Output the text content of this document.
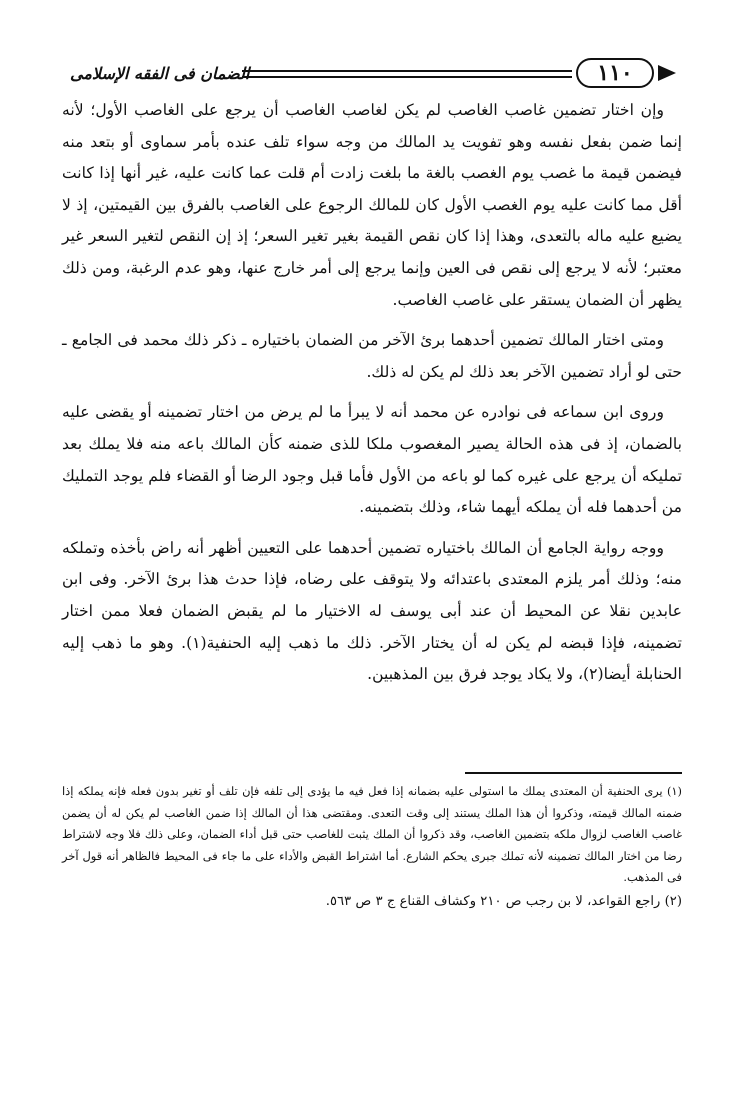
الضمان فى الفقه الإسلامى	١١٠

وإن اختار تضمين غاصب الغاصب لم يكن لغاصب الغاصب أن يرجع على الغاصب الأول؛ لأنه إنما ضمن بفعل نفسه وهو تفويت يد المالك من وجه سواء تلف عنده بأمر سماوى أو بتعد منه فيضمن قيمة ما غصب يوم الغصب بالغة ما بلغت زادت أم قلت عما كانت عليه، غير أنها إذا كانت أقل مما كانت عليه يوم الغصب الأول كان للمالك الرجوع على الغاصب بالفرق بين القيمتين، إذ لا يضيع عليه ماله بالتعدى، وهذا إذا كان نقص القيمة بغير تغير السعر؛ إذ إن النقص لتغير السعر غير معتبر؛ لأنه لا يرجع إلى نقص فى العين وإنما يرجع إلى أمر خارج عنها، وهو عدم الرغبة، ومن ذلك يظهر أن الضمان يستقر على غاصب الغاصب.

ومتى اختار المالك تضمين أحدهما برئ الآخر من الضمان باختياره ـ ذكر ذلك محمد فى الجامع ـ حتى لو أراد تضمين الآخر بعد ذلك لم يكن له ذلك.

وروى ابن سماعه فى نوادره عن محمد أنه لا يبرأ ما لم يرض من اختار تضمينه أو يقضى عليه بالضمان، إذ فى هذه الحالة يصير المغصوب ملكا للذى ضمنه كأن المالك باعه منه فلا يملك بعد تمليكه أن يرجع على غيره كما لو باعه من الأول فأما قبل وجود الرضا أو القضاء فلم يوجد التمليك من أحدهما فله أن يملكه أيهما شاء، وذلك بتضمينه.

ووجه رواية الجامع أن المالك باختياره تضمين أحدهما على التعيين أظهر أنه راض بأخذه وتملكه منه؛ وذلك أمر يلزم المعتدى باعتدائه ولا يتوقف على رضاه، فإذا حدث هذا برئ الآخر. وفى ابن عابدين نقلا عن المحيط أن عند أبى يوسف له الاختيار ما لم يقبض الضمان فعلا ممن اختار تضمينه، فإذا قبضه لم يكن له أن يختار الآخر. ذلك ما ذهب إليه الحنفية(١). وهو ما ذهب إليه الحنابلة أيضا(٢)، ولا يكاد يوجد فرق بين المذهبين.

(١) يرى الحنفية أن المعتدى يملك ما استولى عليه بضمانه إذا فعل فيه ما يؤدى إلى تلفه فإن تلف أو تغير بدون فعله فإنه يملكه إذا ضمنه المالك قيمته، وذكروا أن هذا الملك يستند إلى وقت التعدى. ومقتضى هذا أن المالك إذا ضمن الغاصب لم يكن له أن يضمن غاصب الغاصب لزوال ملكه بتضمين الغاصب، وقد ذكروا أن الملك يثبت للغاصب حتى قبل أداء الضمان، وعلى ذلك فلا وجه لاشتراط رضا من اختار المالك تضمينه لأنه تملك جبرى يحكم الشارع. أما اشتراط القبض والأداء على ما جاء فى المحيط فالظاهر أنه قول آخر فى المذهب.

(٢) راجع القواعد، لا بن رجب ص ٢١٠ وكشاف القناع ج ٣ ص ٥٦٣.
